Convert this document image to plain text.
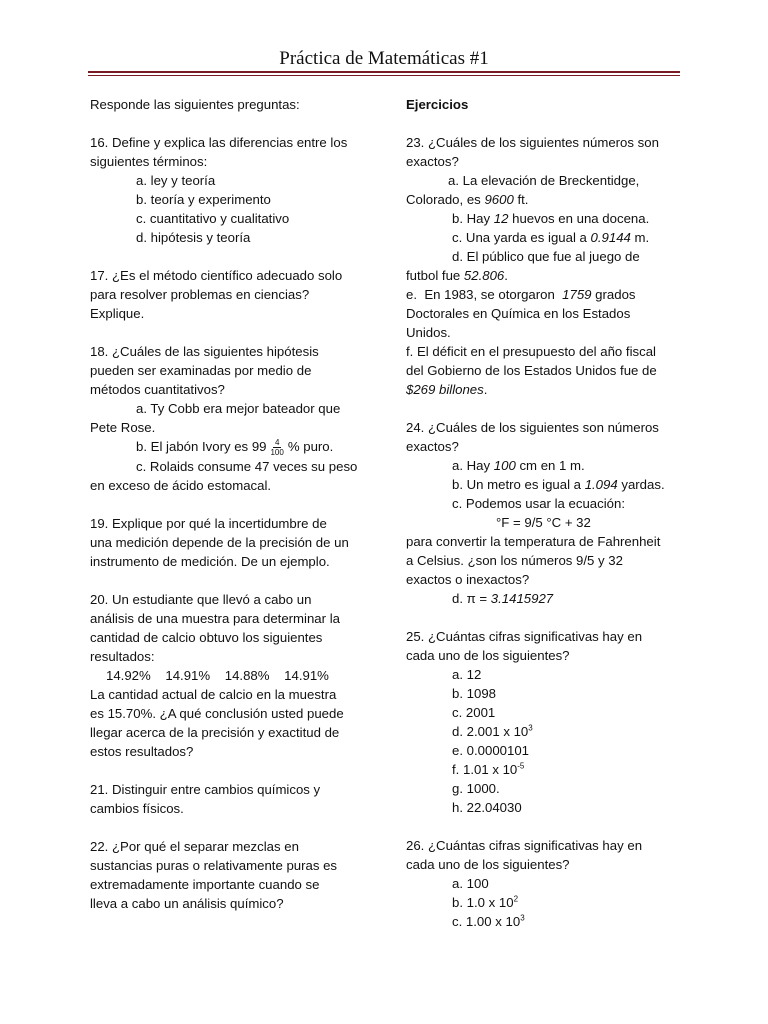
Práctica de Matemáticas #1

Responde las siguientes preguntas:

16. Define y explica las diferencias entre los

siguientes términos:

a. ley y teoría

b. teoría y experimento

c. cuantitativo y cualitativo

d. hipótesis y teoría

17. ¿Es el método científico adecuado solo

para resolver problemas en ciencias?

Explique.

18. ¿Cuáles de las siguientes hipótesis

pueden ser examinadas por medio de

métodos cuantitativos?

a. Ty Cobb era mejor bateador que

Pete Rose.

b. El jabón Ivory es $99 \frac{4}{100}$ % puro.

c. Rolaids consume 47 veces su peso

en exceso de ácido estomacal.

19. Explique por qué la incertidumbre de

una medición depende de la precisión de un

instrumento de medición. De un ejemplo.

20. Un estudiante que llevó a cabo un

análisis de una muestra para determinar la

cantidad de calcio obtuvo los siguientes

resultados:

14.92%    14.91%    14.88%    14.91%

La cantidad actual de calcio en la muestra

es 15.70%. ¿A qué conclusión usted puede

llegar acerca de la precisión y exactitud de

estos resultados?

21. Distinguir entre cambios químicos y

cambios físicos.

22. ¿Por qué el separar mezclas en

sustancias puras o relativamente puras es

extremadamente importante cuando se

lleva a cabo un análisis químico?

Ejercicios

23. ¿Cuáles de los siguientes números son

exactos?

a. La elevación de Breckentidge,

Colorado, es 9600 ft.

b. Hay 12 huevos en una docena.

c. Una yarda es igual a 0.9144 m.

d. El público que fue al juego de

futbol fue 52.806.

e.  En 1983, se otorgaron  1759 grados

Doctorales en Química en los Estados

Unidos.

f. El déficit en el presupuesto del año fiscal

del Gobierno de los Estados Unidos fue de

$269 billones.

24. ¿Cuáles de los siguientes son números

exactos?

a. Hay 100 cm en 1 m.

b. Un metro es igual a 1.094 yardas.

c. Podemos usar la ecuación:

°F = 9/5 °C + 32

para convertir la temperatura de Fahrenheit

a Celsius. ¿son los números 9/5 y 32

exactos o inexactos?

d. π = 3.1415927

25. ¿Cuántas cifras significativas hay en

cada uno de los siguientes?

a. 12

b. 1098

c. 2001

d. 2.001 x $10^3$

e. 0.0000101

f. 1.01 x $10^{-5}$

g. 1000.

h. 22.04030

26. ¿Cuántas cifras significativas hay en

cada uno de los siguientes?

a. 100

b. 1.0 x $10^2$

c. 1.00 x $10^3$
